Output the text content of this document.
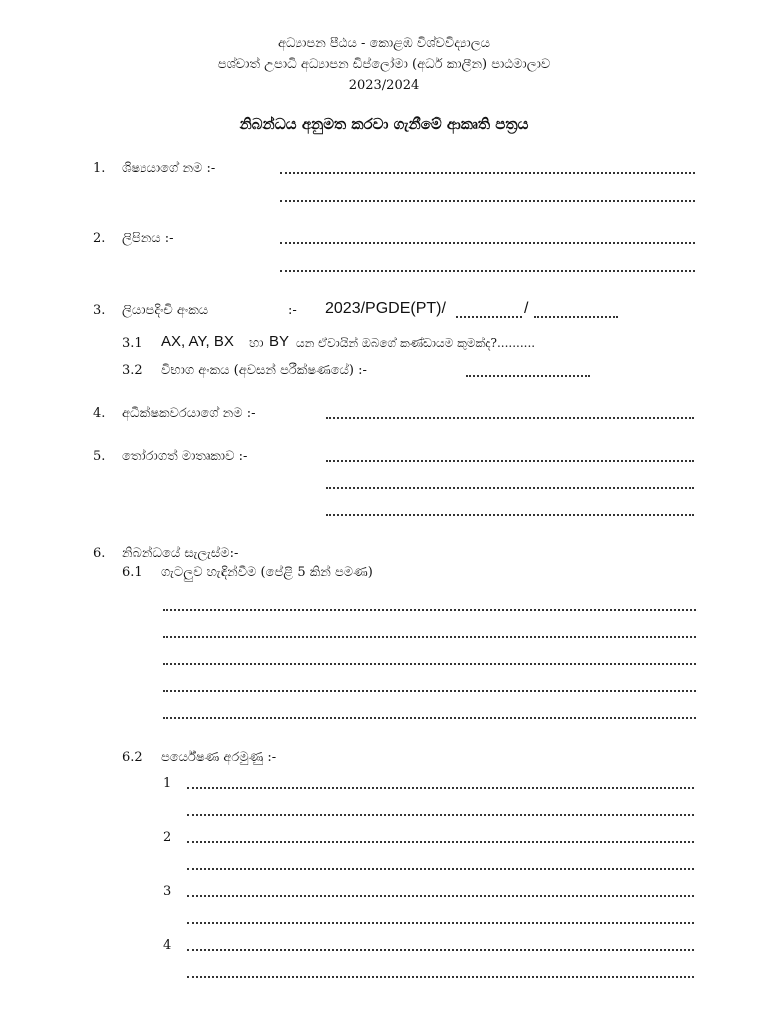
අධ්‍යාපන පීඨය - කොළඹ විශ්වවිද්‍යාලය
පශ්චාත් උපාධි අධ්‍යාපන ඩිප්ලෝමා (අර්ධ කාලීන) පාඨමාලාව
2023/2024
නිබන්ධය අනුමත කරවා ගැනීමේ ආකෘති පත්‍රය
1. ශිෂ්‍යයාගේ නම :-
2. ලිපිනය :-
3. ලියාපදිංචි අංකය	:- 2023/PGDE(PT)/	/
3.1 AX, AY, BX හා BY යන ඒවායින් ඔබගේ කණ්ඩායම කුමක්ද?..........
3.2 විභාග අංකය (අවසන් පරීක්ෂණයේ) :-
4. අධීක්ෂකවරයාගේ නම :-
5. තෝරාගත් මාතෘකාව :-
6. නිබන්ධයේ සැලැස්ම:-
6.1 ගැටලුව හැඳින්වීම (පේළි 5 කින් පමණ)
6.2 පර්යේෂණ අරමුණු :-
1
2
3
4
